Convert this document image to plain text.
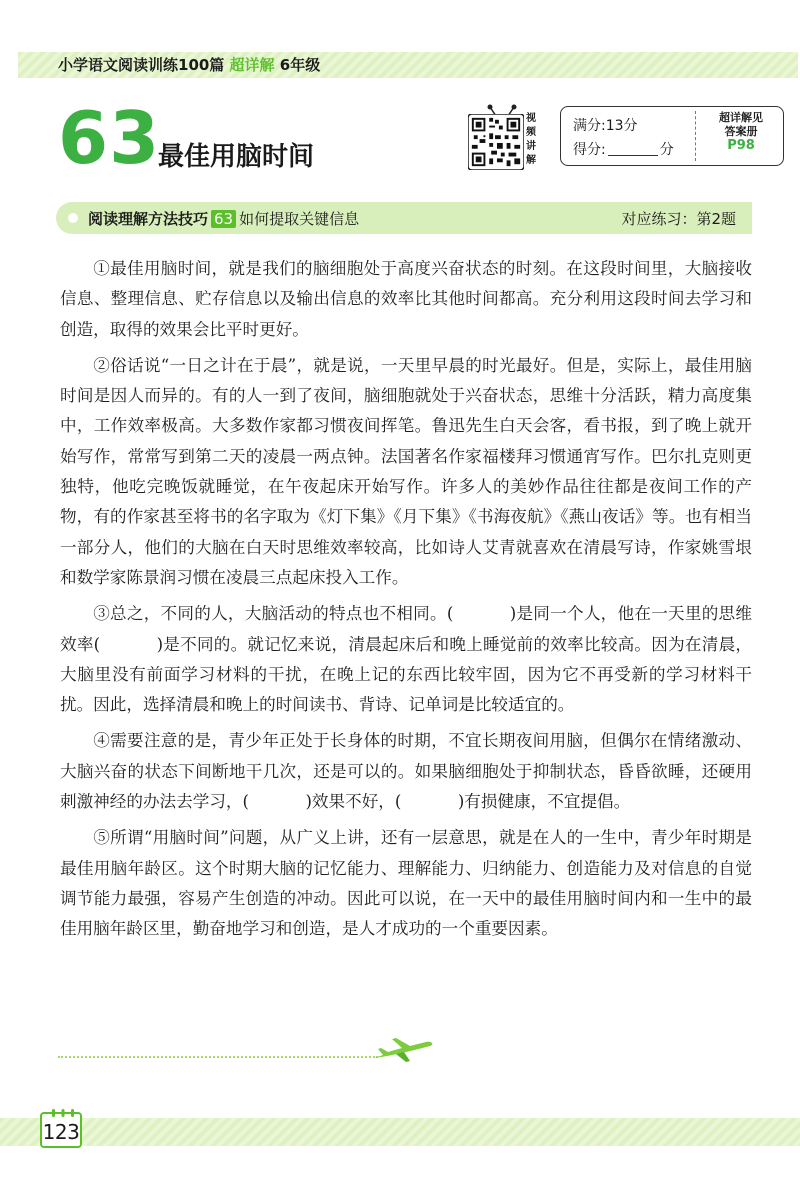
小学语文阅读训练100篇 超详解 6年级
63
最佳用脑时间
视
频
讲
解
满分:13分
得分:	分
超详解见
答案册
P98
阅读理解方法技巧 63 如何提取关键信息	对应练习：第2题

①最佳用脑时间，就是我们的脑细胞处于高度兴奋状态的时刻。在这段时间里，大脑接收信息、整理信息、贮存信息以及输出信息的效率比其他时间都高。充分利用这段时间去学习和创造，取得的效果会比平时更好。

②俗话说“一日之计在于晨”，就是说，一天里早晨的时光最好。但是，实际上，最佳用脑时间是因人而异的。有的人一到了夜间，脑细胞就处于兴奋状态，思维十分活跃，精力高度集中，工作效率极高。大多数作家都习惯夜间挥笔。鲁迅先生白天会客，看书报，到了晚上就开始写作，常常写到第二天的凌晨一两点钟。法国著名作家福楼拜习惯通宵写作。巴尔扎克则更独特，他吃完晚饭就睡觉，在午夜起床开始写作。许多人的美妙作品往往都是夜间工作的产物，有的作家甚至将书的名字取为《灯下集》《月下集》《书海夜航》《燕山夜话》等。也有相当一部分人，他们的大脑在白天时思维效率较高，比如诗人艾青就喜欢在清晨写诗，作家姚雪垠和数学家陈景润习惯在凌晨三点起床投入工作。

③总之，不同的人，大脑活动的特点也不相同。(	)是同一个人，他在一天里的思维效率(	)是不同的。就记忆来说，清晨起床后和晚上睡觉前的效率比较高。因为在清晨，大脑里没有前面学习材料的干扰，在晚上记的东西比较牢固，因为它不再受新的学习材料干扰。因此，选择清晨和晚上的时间读书、背诗、记单词是比较适宜的。

④需要注意的是，青少年正处于长身体的时期，不宜长期夜间用脑，但偶尔在情绪激动、大脑兴奋的状态下间断地干几次，还是可以的。如果脑细胞处于抑制状态，昏昏欲睡，还硬用刺激神经的办法去学习，(	)效果不好，(	)有损健康，不宜提倡。

⑤所谓“用脑时间”问题，从广义上讲，还有一层意思，就是在人的一生中，青少年时期是最佳用脑年龄区。这个时期大脑的记忆能力、理解能力、归纳能力、创造能力及对信息的自觉调节能力最强，容易产生创造的冲动。因此可以说，在一天中的最佳用脑时间内和一生中的最佳用脑年龄区里，勤奋地学习和创造，是人才成功的一个重要因素。

123
